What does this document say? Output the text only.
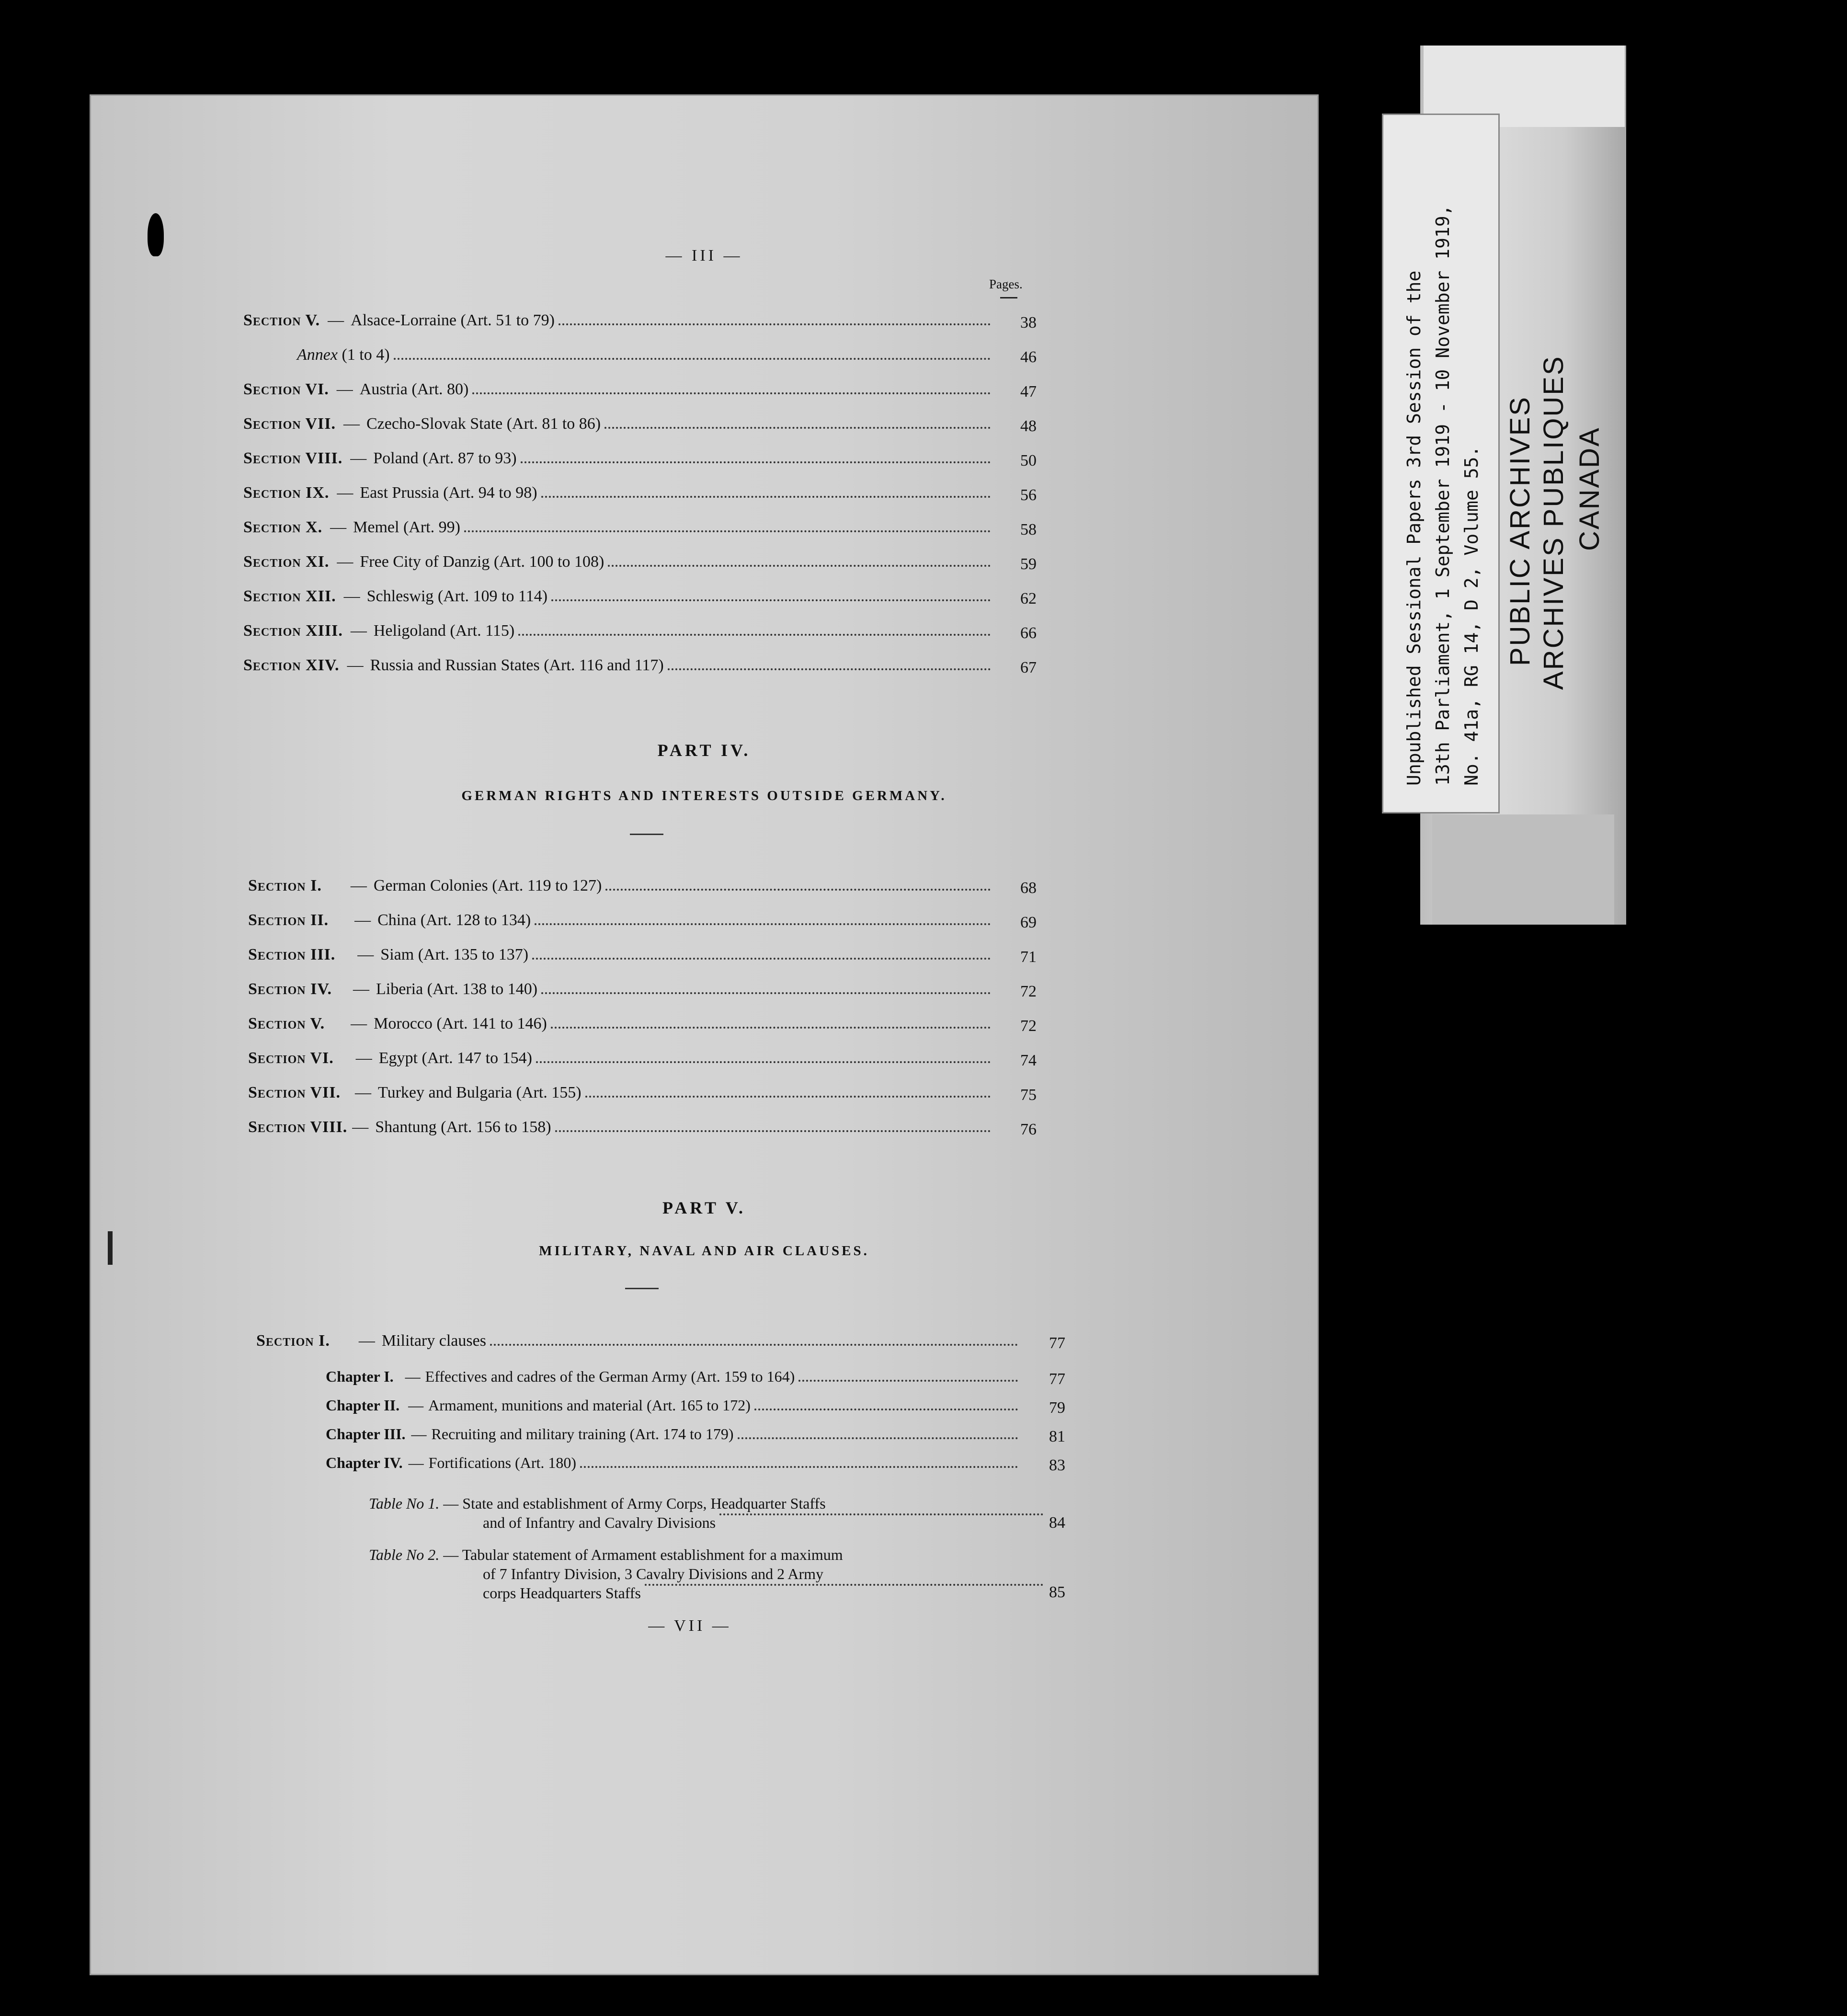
— III —
Pages.
Section V. — Alsace-Lorraine (Art. 51 to 79)	38
Annex
(1 to 4)	46
Section VI. — Austria (Art. 80)	47
Section VII. — Czecho-Slovak State (Art. 81 to 86)	48
Section VIII. — Poland (Art. 87 to 93)	50
Section IX. — East Prussia (Art. 94 to 98)	56
Section X. — Memel (Art. 99)	58
Section XI. — Free City of Danzig (Art. 100 to 108)	59
Section XII. — Schleswig (Art. 109 to 114)	62
Section XIII. — Heligoland (Art. 115)	66
Section XIV. — Russia and Russian States (Art. 116 and 117)	67
PART IV.
GERMAN RIGHTS AND INTERESTS OUTSIDE GERMANY.
Section I. — German Colonies (Art. 119 to 127)	68
Section II. — China (Art. 128 to 134)	69
Section III. — Siam (Art. 135 to 137)	71
Section IV. — Liberia (Art. 138 to 140)	72
Section V. — Morocco (Art. 141 to 146)	72
Section VI. — Egypt (Art. 147 to 154)	74
Section VII. — Turkey and Bulgaria (Art. 155)	75
Section VIII. — Shantung (Art. 156 to 158)	76
PART V.
MILITARY, NAVAL AND AIR CLAUSES.
Section I. — Military clauses	77
Chapter I. — Effectives and cadres of the German Army (Art. 159 to 164)	77
Chapter II. — Armament, munitions and material (Art. 165 to 172)	79
Chapter III. — Recruiting and military training (Art. 174 to 179)	81
Chapter IV. — Fortifications (Art. 180)	83
Table No 1. — State and establishment of Army Corps, Headquarter Staffs
and of Infantry and Cavalry Divisions	84
Table No 2. — Tabular statement of Armament establishment for a maximum
of 7 Infantry Division, 3 Cavalry Divisions and 2 Army
corps Headquarters Staffs	85
— VII —
Unpublished Sessional Papers 3rd Session of the 13th Parliament, 1 September 1919 - 10 November 1919, No. 41a, RG 14, D 2, Volume 55. PUBLIC ARCHIVES ARCHIVES PUBLIQUES CANADA
